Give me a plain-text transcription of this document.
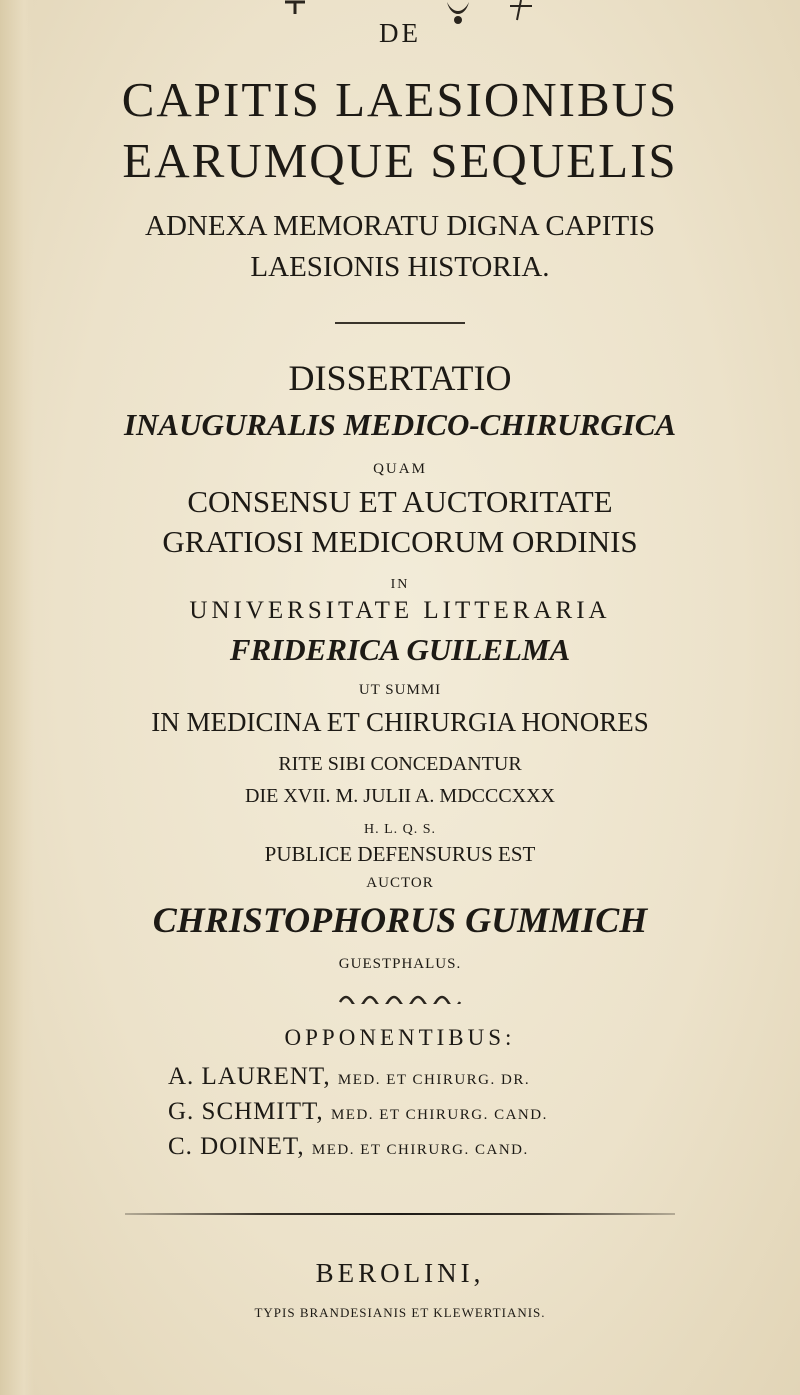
DE
CAPITIS LAESIONIBUS
EARUMQUE SEQUELIS
ADNEXA MEMORATU DIGNA CAPITIS
LAESIONIS HISTORIA.
DISSERTATIO
INAUGURALIS MEDICO-CHIRURGICA
QUAM
CONSENSU ET AUCTORITATE
GRATIOSI MEDICORUM ORDINIS
IN
UNIVERSITATE LITTERARIA
FRIDERICA GUILELMA
UT SUMMI
IN MEDICINA ET CHIRURGIA HONORES
RITE SIBI CONCEDANTUR
DIE XVII. M. JULII A. MDCCCXXX
H. L. Q. S.
PUBLICE DEFENSURUS EST
AUCTOR
CHRISTOPHORUS GUMMICH
GUESTPHALUS.
OPPONENTIBUS:
A. LAURENT, MED. ET CHIRURG. DR.
G. SCHMITT, MED. ET CHIRURG. CAND.
C. DOINET, MED. ET CHIRURG. CAND.
BEROLINI,
TYPIS BRANDESIANIS ET KLEWERTIANIS.
